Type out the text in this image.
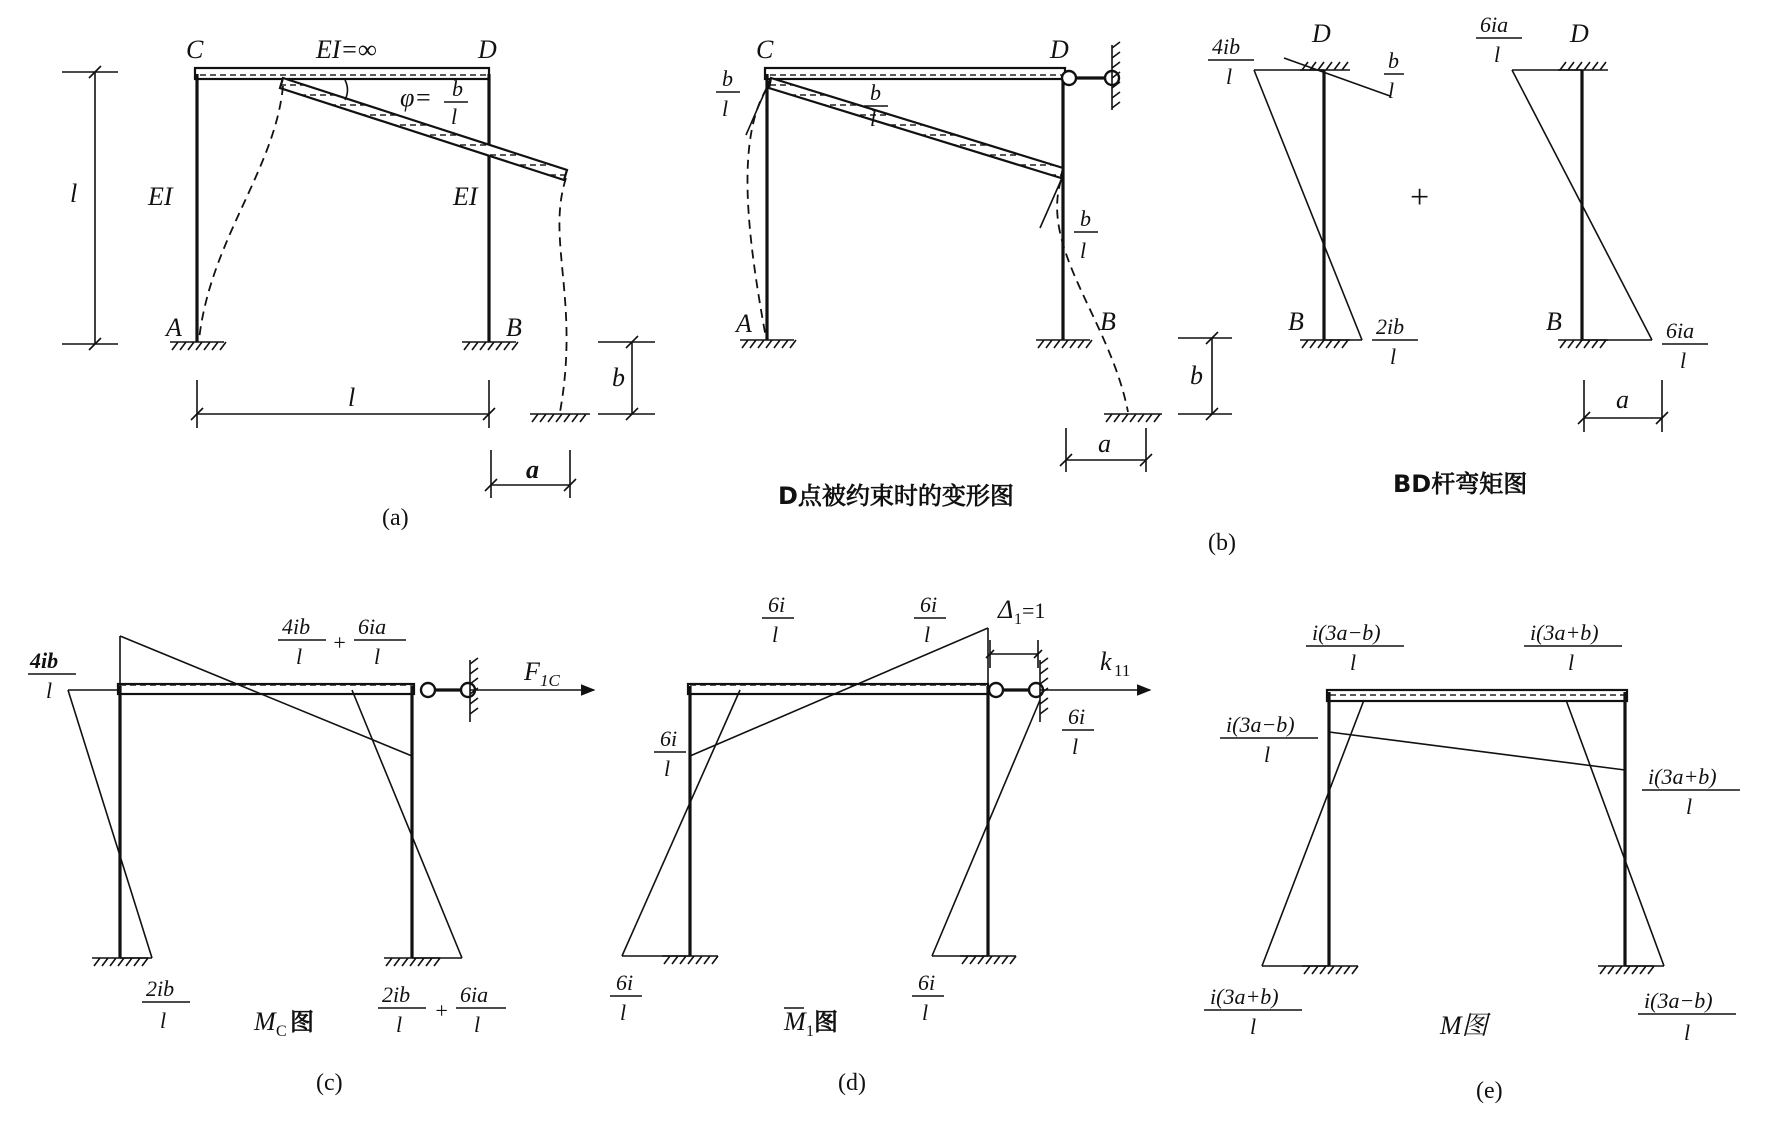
C	D
EI=∞
EI	EI
A	B
φ= b
l
l
l
b
a
(a)
C	D
A	B
b
l
b
l
b
l
b
a
D点被约束时的变形图
D
B
4ib
l
b
l
2ib
l
+
D
B
6ia
l
6ia
l
a
BD杆弯矩图
(b)
4ib
l
2ib
l
4ib
l
+
6ia
l
2ib
l
+
6ia
l
F 1C
M C 图
(c)
Δ 1 =1
k 11
6i
l
6i
l
6i
l
6i
l
6i
l
6i
l
M 1 图
(d)
i(3a−b)
l
i(3a+b)
l
i(3a−b)
l
i(3a+b)
l
i(3a+b)
l
i(3a−b)
l
M图
(e)
